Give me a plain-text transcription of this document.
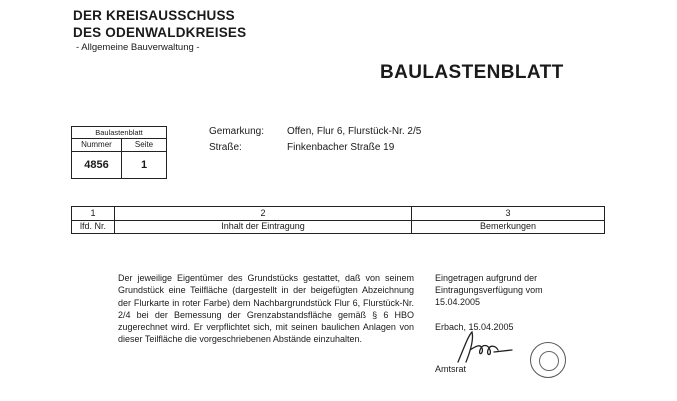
DER KREISAUSSCHUSS
DES ODENWALDKREISES
- Allgemeine Bauverwaltung -
BAULASTENBLATT
Baulastenblatt
Nummer	Seite
4856	1
Gemarkung: Offen, Flur 6, Flurstück-Nr. 2/5
Straße:	Finkenbacher Straße 19
1	2	3
lfd. Nr.	Inhalt der Eintragung	Bemerkungen
Der jeweilige Eigentümer des Grundstücks gestattet, daß von seinem Grundstück eine Teilfläche (dargestellt in der beigefügten Abzeichnung der Flurkarte in roter Farbe) dem Nachbargrundstück Flur 6, Flurstück-Nr. 2/4 bei der Bemessung der Grenzabstandsfläche gemäß § 6 HBO zugerechnet wird. Er verpflichtet sich, mit seinen baulichen Anlagen von dieser Teilfläche die vorgeschriebenen Abstände einzuhalten.
Eingetragen aufgrund der
Eintragungsverfügung vom
15.04.2005
Erbach, 15.04.2005
Amtsrat
